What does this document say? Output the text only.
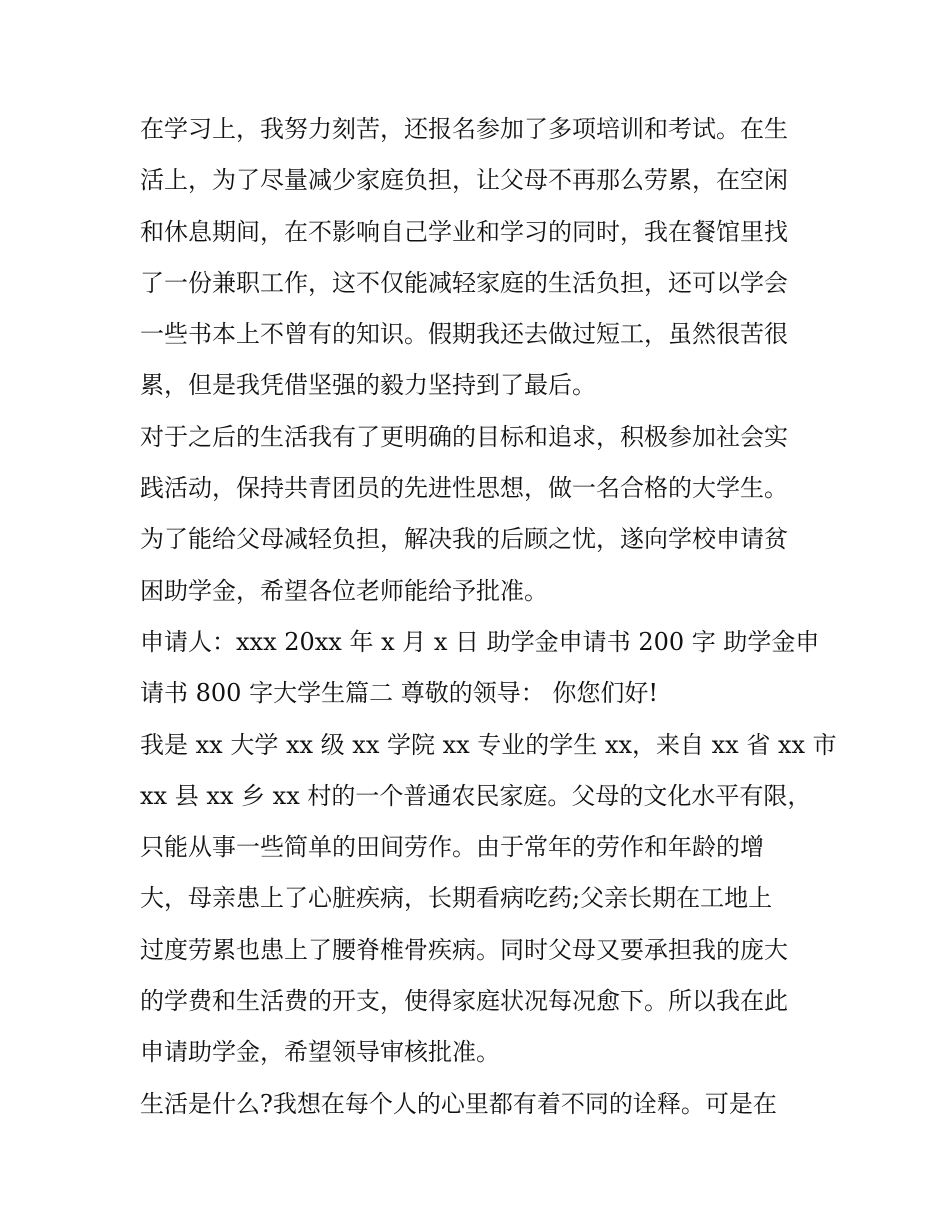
在学习上，我努力刻苦，还报名参加了多项培训和考试。在生
活上，为了尽量减少家庭负担，让父母不再那么劳累，在空闲
和休息期间，在不影响自己学业和学习的同时，我在餐馆里找
了一份兼职工作，这不仅能减轻家庭的生活负担，还可以学会
一些书本上不曾有的知识。假期我还去做过短工，虽然很苦很
累，但是我凭借坚强的毅力坚持到了最后。
对于之后的生活我有了更明确的目标和追求，积极参加社会实
践活动，保持共青团员的先进性思想，做一名合格的大学生。
为了能给父母减轻负担，解决我的后顾之忧，遂向学校申请贫
困助学金，希望各位老师能给予批准。
申请人：xxx 20xx 年 x 月 x 日 助学金申请书 200 字 助学金申
请书 800 字大学生篇二 尊敬的领导： 你您们好!
我是 xx 大学 xx 级 xx 学院 xx 专业的学生 xx，来自 xx 省 xx 市
xx 县 xx 乡 xx 村的一个普通农民家庭。父母的文化水平有限，
只能从事一些简单的田间劳作。由于常年的劳作和年龄的增
大，母亲患上了心脏疾病，长期看病吃药;父亲长期在工地上
过度劳累也患上了腰脊椎骨疾病。同时父母又要承担我的庞大
的学费和生活费的开支，使得家庭状况每况愈下。所以我在此
申请助学金，希望领导审核批准。
生活是什么?我想在每个人的心里都有着不同的诠释。可是在
